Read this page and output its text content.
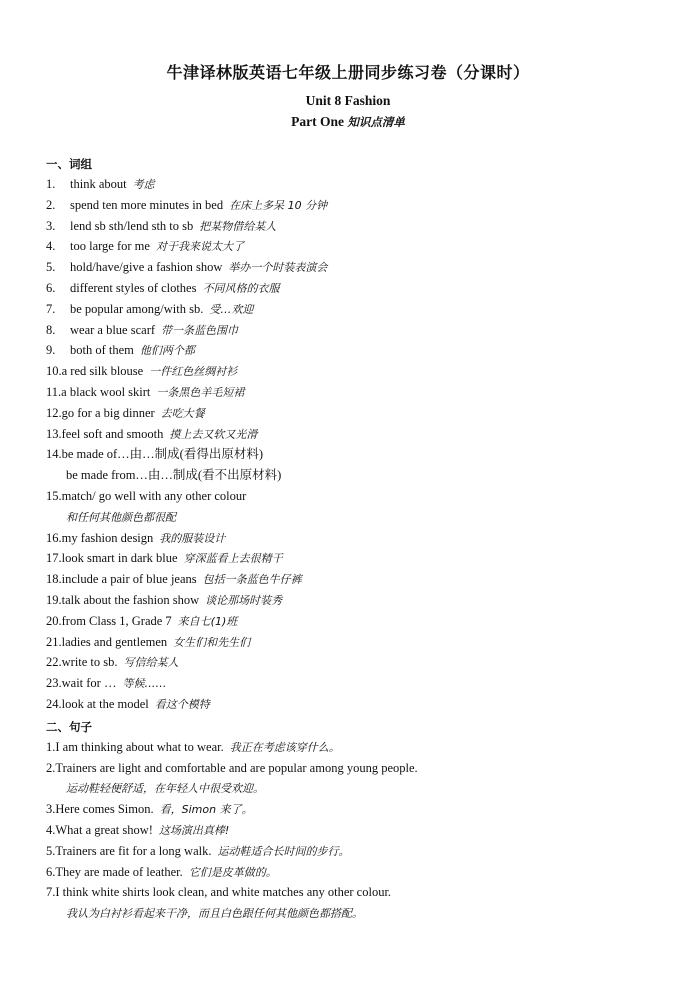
牛津译林版英语七年级上册同步练习卷（分课时）
Unit 8 Fashion
Part One 知识点清单
一、词组
1. think about 考虑
2. spend ten more minutes in bed 在床上多呆 10 分钟
3. lend sb sth/lend sth to sb 把某物借给某人
4. too large for me 对于我来说太大了
5. hold/have/give a fashion show 举办一个时装表演会
6. different styles of clothes 不同风格的衣服
7. be popular among/with sb. 受…欢迎
8. wear a blue scarf 带一条蓝色围巾
9. both of them 他们两个都
10.a red silk blouse 一件红色丝绸衬衫
11.a black wool skirt 一条黑色羊毛短裙
12.go for a big dinner 去吃大餐
13.feel soft and smooth 摸上去又软又光滑
14.be made of…由…制成(看得出原材料)
be made from…由…制成(看不出原材料)
15.match/ go well with any other colour
和任何其他颜色都很配
16.my fashion design 我的服装设计
17.look smart in dark blue 穿深蓝看上去很精干
18.include a pair of blue jeans 包括一条蓝色牛仔裤
19.talk about the fashion show 谈论那场时装秀
20.from Class 1, Grade 7 来自七(1)班
21.ladies and gentlemen 女生们和先生们
22.write to sb. 写信给某人
23.wait for … 等候……
24.look at the model 看这个模特
二、句子
1.I am thinking about what to wear. 我正在考虑该穿什么。
2.Trainers are light and comfortable and are popular among young people.
运动鞋轻便舒适，在年轻人中很受欢迎。
3.Here comes Simon. 看，Simon 来了。
4.What a great show! 这场演出真棒!
5.Trainers are fit for a long walk. 运动鞋适合长时间的步行。
6.They are made of leather. 它们是皮革做的。
7.I think white shirts look clean, and white matches any other colour.
我认为白衬衫看起来干净，而且白色跟任何其他颜色都搭配。
